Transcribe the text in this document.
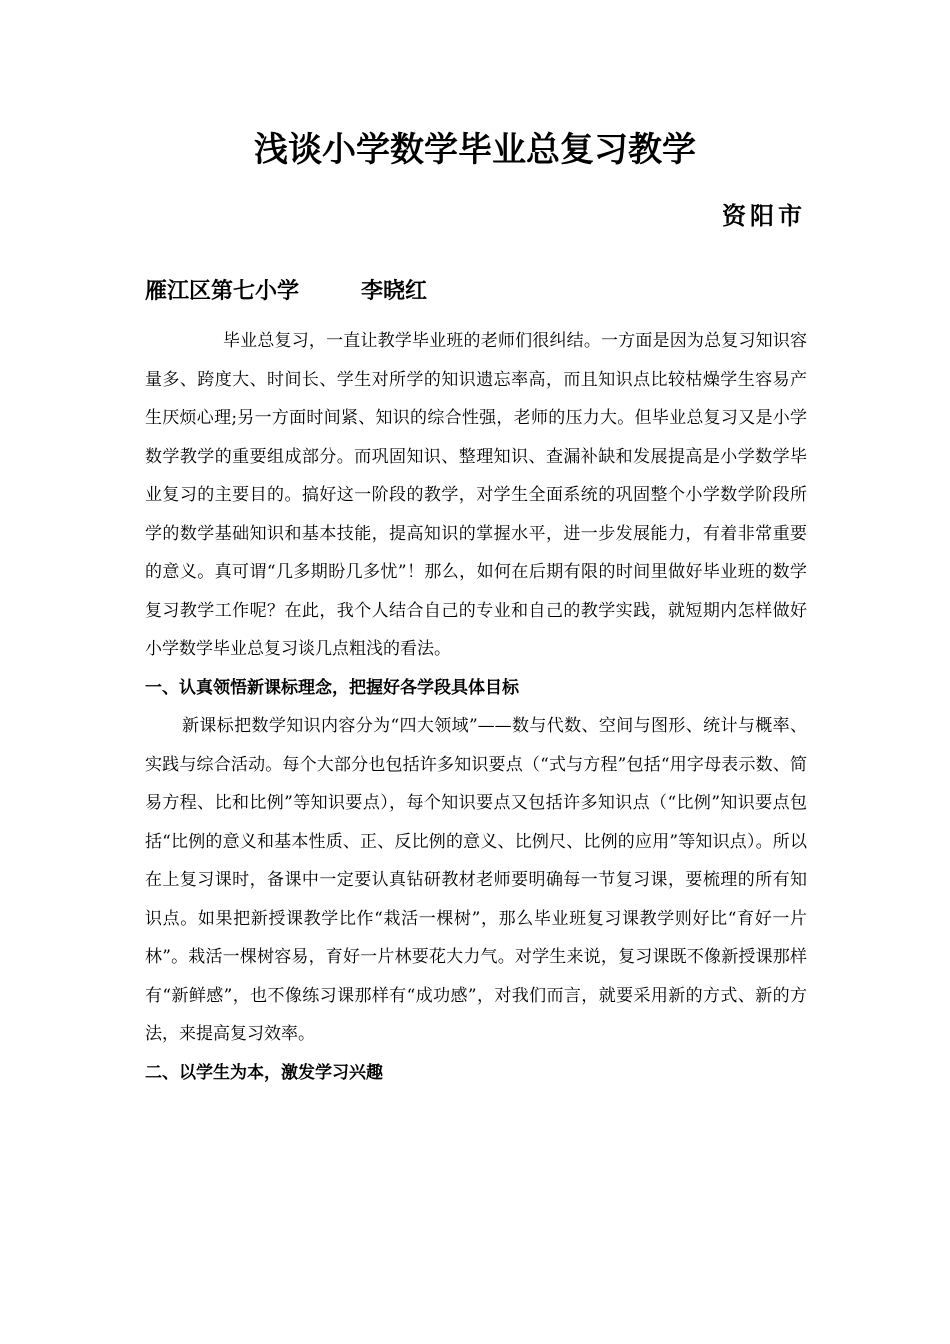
浅谈小学数学毕业总复习教学
资阳市
雁江区第七小学	李晓红

毕业总复习，一直让教学毕业班的老师们很纠结。一方面是因为总复习知识容量多、跨度大、时间长、学生对所学的知识遗忘率高，而且知识点比较枯燥学生容易产生厌烦心理;另一方面时间紧、知识的综合性强，老师的压力大。但毕业总复习又是小学数学教学的重要组成部分。而巩固知识、整理知识、查漏补缺和发展提高是小学数学毕业复习的主要目的。搞好这一阶段的教学，对学生全面系统的巩固整个小学数学阶段所学的数学基础知识和基本技能，提高知识的掌握水平，进一步发展能力，有着非常重要的意义。真可谓“几多期盼几多忧”！那么，如何在后期有限的时间里做好毕业班的数学复习教学工作呢？在此，我个人结合自己的专业和自己的教学实践，就短期内怎样做好小学数学毕业总复习谈几点粗浅的看法。

一、认真领悟新课标理念，把握好各学段具体目标

新课标把数学知识内容分为“四大领域”——数与代数、空间与图形、统计与概率、实践与综合活动。每个大部分也包括许多知识要点（“式与方程”包括“用字母表示数、简易方程、比和比例”等知识要点），每个知识要点又包括许多知识点（“比例”知识要点包括“比例的意义和基本性质、正、反比例的意义、比例尺、比例的应用”等知识点）。所以在上复习课时，备课中一定要认真钻研教材老师要明确每一节复习课，要梳理的所有知识点。如果把新授课教学比作“栽活一棵树”，那么毕业班复习课教学则好比“育好一片林”。栽活一棵树容易，育好一片林要花大力气。对学生来说，复习课既不像新授课那样有“新鲜感”，也不像练习课那样有“成功感”，对我们而言，就要采用新的方式、新的方法，来提高复习效率。

二、以学生为本，激发学习兴趣
